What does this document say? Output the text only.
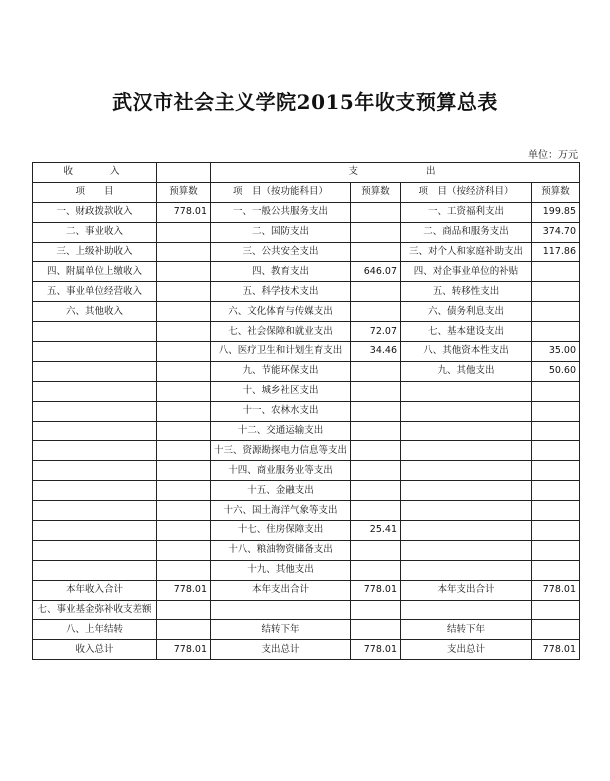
武汉市社会主义学院2015年收支预算总表
单位：万元
收　　入		支　　　　出			
项　　目	预算数	项　目（按功能科目）	预算数	项　目（按经济科目）	预算数
一、财政拨款收入	778.01	一、一般公共服务支出		一、工资福利支出	199.85
二、事业收入		二、国防支出		二、商品和服务支出	374.70
三、上级补助收入		三、公共安全支出		三、对个人和家庭补助支出	117.86
四、附属单位上缴收入		四、教育支出	646.07	四、对企事业单位的补贴	
五、事业单位经营收入		五、科学技术支出		五、转移性支出	
六、其他收入		六、文化体育与传媒支出		六、债务利息支出	
		七、社会保障和就业支出	72.07	七、基本建设支出	
		八、医疗卫生和计划生育支出	34.46	八、其他资本性支出	35.00
		九、节能环保支出		九、其他支出	50.60
		十、城乡社区支出			
		十一、农林水支出			
		十二、交通运输支出			
		十三、资源勘探电力信息等支出			
		十四、商业服务业等支出			
		十五、金融支出			
		十六、国土海洋气象等支出			
		十七、住房保障支出	25.41		
		十八、粮油物资储备支出			
		十九、其他支出			
本年收入合计	778.01	本年支出合计	778.01	本年支出合计	778.01
七、事业基金弥补收支差额					
八、上年结转		结转下年		结转下年	
收入总计	778.01	支出总计	778.01	支出总计	778.01
